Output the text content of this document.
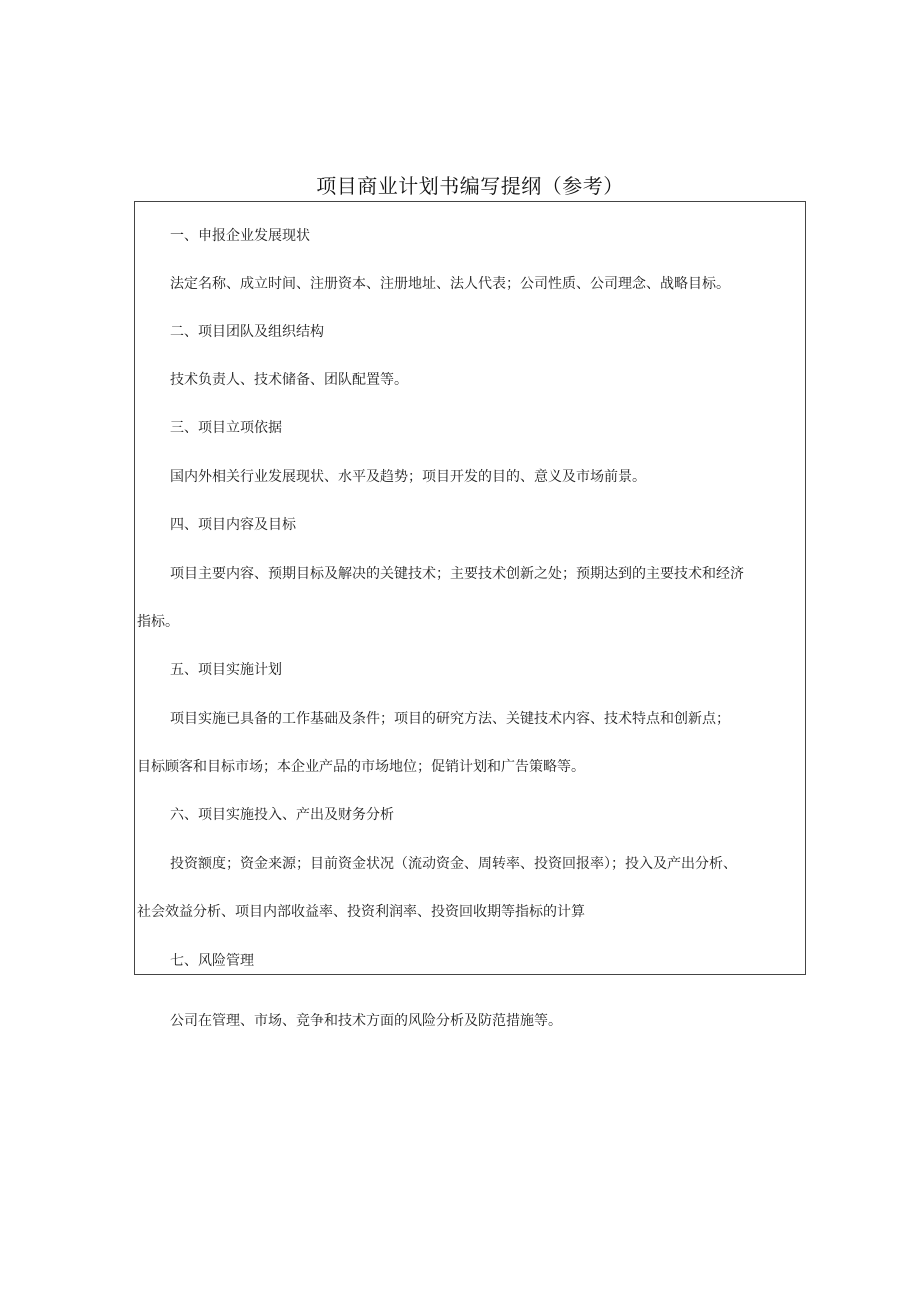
项目商业计划书编写提纲（参考）
一、申报企业发展现状
法定名称、成立时间、注册资本、注册地址、法人代表；公司性质、公司理念、战略目标。
二、项目团队及组织结构
技术负责人、技术储备、团队配置等。
三、项目立项依据
国内外相关行业发展现状、水平及趋势；项目开发的目的、意义及市场前景。
四、项目内容及目标
项目主要内容、预期目标及解决的关键技术；主要技术创新之处；预期达到的主要技术和经济
指标。
五、项目实施计划
项目实施已具备的工作基础及条件；项目的研究方法、关键技术内容、技术特点和创新点；
目标顾客和目标市场；本企业产品的市场地位；促销计划和广告策略等。
六、项目实施投入、产出及财务分析
投资额度；资金来源；目前资金状况（流动资金、周转率、投资回报率）；投入及产出分析、
社会效益分析、项目内部收益率、投资利润率、投资回收期等指标的计算
七、风险管理
公司在管理、市场、竞争和技术方面的风险分析及防范措施等。
